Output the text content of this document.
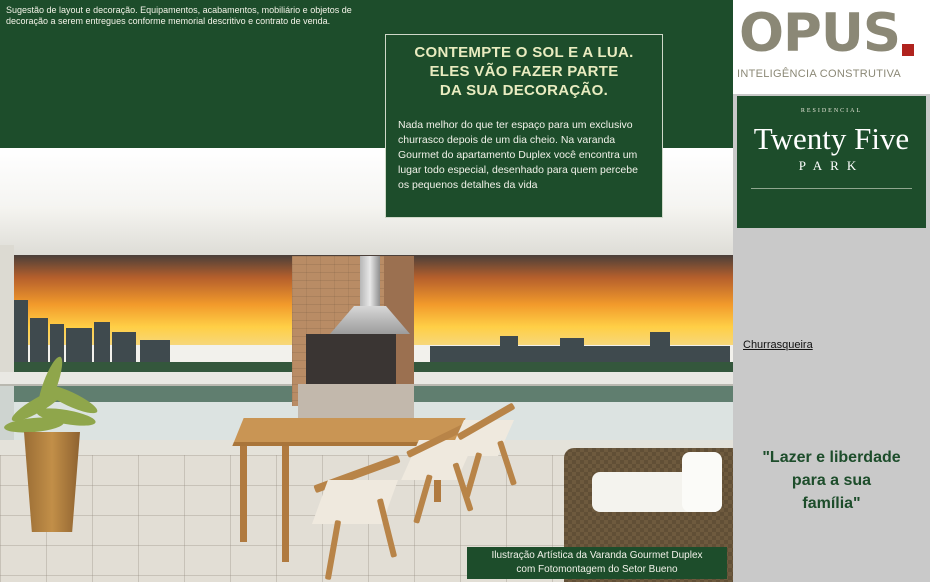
Sugestão de layout e decoração. Equipamentos, acabamentos, mobiliário e objetos de decoração a serem entregues conforme memorial descritivo e contrato de venda.
CONTEMPTE O SOL E A LUA.
ELES VÃO FAZER PARTE
DA SUA DECORAÇÃO.
Nada melhor do que ter espaço para um exclusivo churrasco depois de um dia cheio. Na varanda Gourmet do apartamento Duplex você encontra um lugar todo especial, desenhado para quem percebe os pequenos detalhes da vida
Ilustração Artística da Varanda Gourmet Duplex
com Fotomontagem do Setor Bueno
OPUS
INTELIGÊNCIA CONSTRUTIVA
RESIDENCIAL
Twenty Five
PARK
Churrasqueira
"Lazer e liberdade
para a sua
família"
